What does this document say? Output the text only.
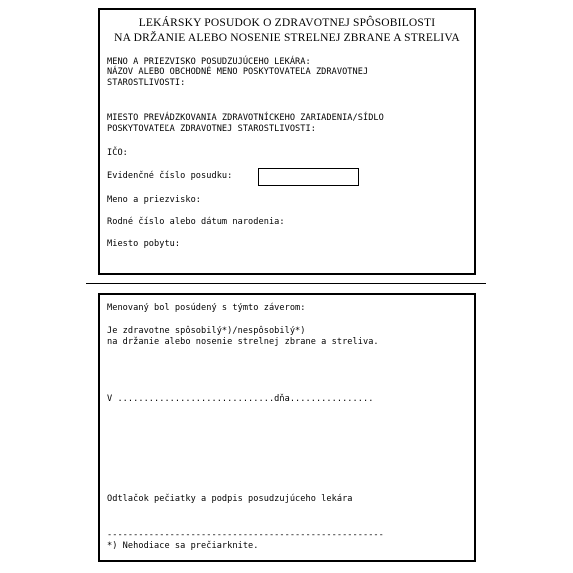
LEKÁRSKY POSUDOK O ZDRAVOTNEJ SPÔSOBILOSTI
NA DRŽANIE ALEBO NOSENIE STRELNEJ ZBRANE A STRELIVA
MENO A PRIEZVISKO POSUDZUJÚCEHO LEKÁRA:
NÁZOV ALEBO OBCHODNÉ MENO POSKYTOVATEĽA ZDRAVOTNEJ
STAROSTLIVOSTI:
MIESTO PREVÁDZKOVANIA ZDRAVOTNÍCKEHO ZARIADENIA/SÍDLO
POSKYTOVATEĽA ZDRAVOTNEJ STAROSTLIVOSTI:
IČO:
Evidenčné číslo posudku:
Meno a priezvisko:
Rodné číslo alebo dátum narodenia:
Miesto pobytu:
Menovaný bol posúdený s týmto záverom:
Je zdravotne spôsobilý*)/nespôsobilý*)
na držanie alebo nosenie strelnej zbrane a streliva.
V ..............................dňa................
Odtlačok pečiatky a podpis posudzujúceho lekára
-----------------------------------------------------
*) Nehodiace sa prečiarknite.
